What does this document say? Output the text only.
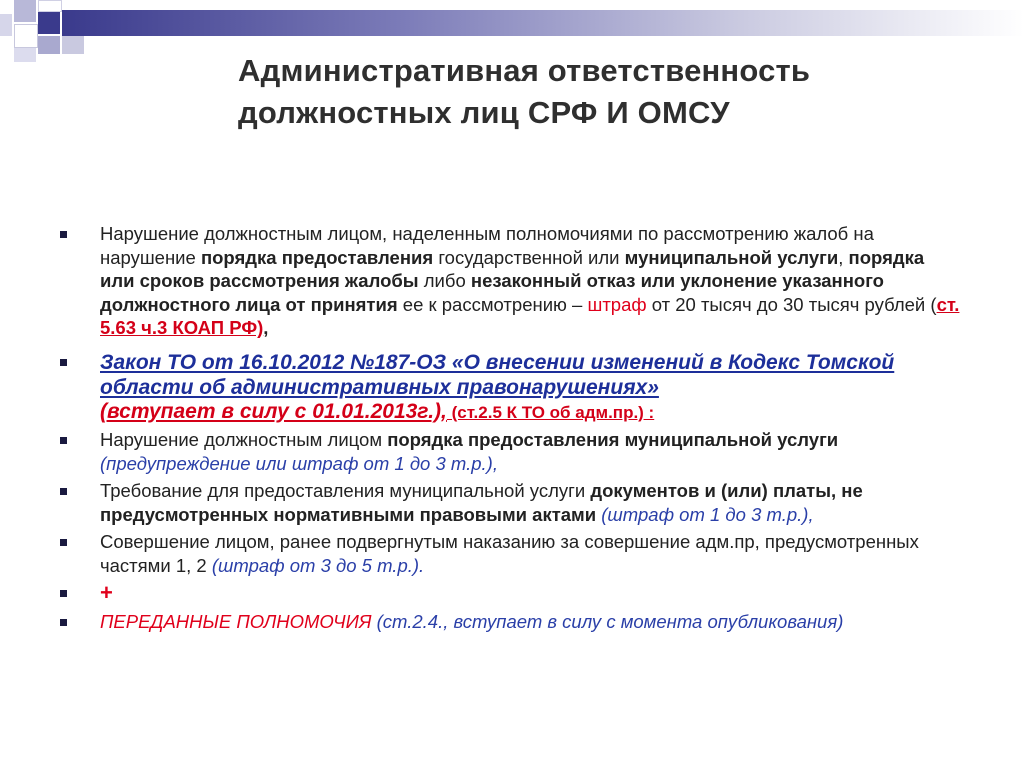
Административная ответственность
должностных лиц СРФ И ОМСУ
Нарушение должностным лицом, наделенным полномочиями по рассмотрению жалоб на нарушение порядка предоставления государственной или муниципальной услуги, порядка или сроков рассмотрения жалобы либо незаконный отказ или уклонение указанного должностного лица от принятия ее к рассмотрению – штраф от 20 тысяч до 30 тысяч рублей (ст. 5.63 ч.3 КОАП РФ),
Закон ТО от 16.10.2012 №187-ОЗ «О внесении изменений в Кодекс Томской области об административных правонарушениях»
(вступает в силу с 01.01.2013г.), (ст.2.5 К ТО об адм.пр.) :
Нарушение должностным лицом порядка предоставления муниципальной услуги (предупреждение или штраф от 1 до 3 т.р.),
Требование для предоставления муниципальной услуги документов и (или) платы, не предусмотренных нормативными правовыми актами (штраф от 1 до 3 т.р.),
Совершение лицом, ранее подвергнутым наказанию за совершение адм.пр, предусмотренных частями 1, 2 (штраф от 3 до 5 т.р.).
+
ПЕРЕДАННЫЕ ПОЛНОМОЧИЯ (ст.2.4., вступает в силу с момента опубликования)
